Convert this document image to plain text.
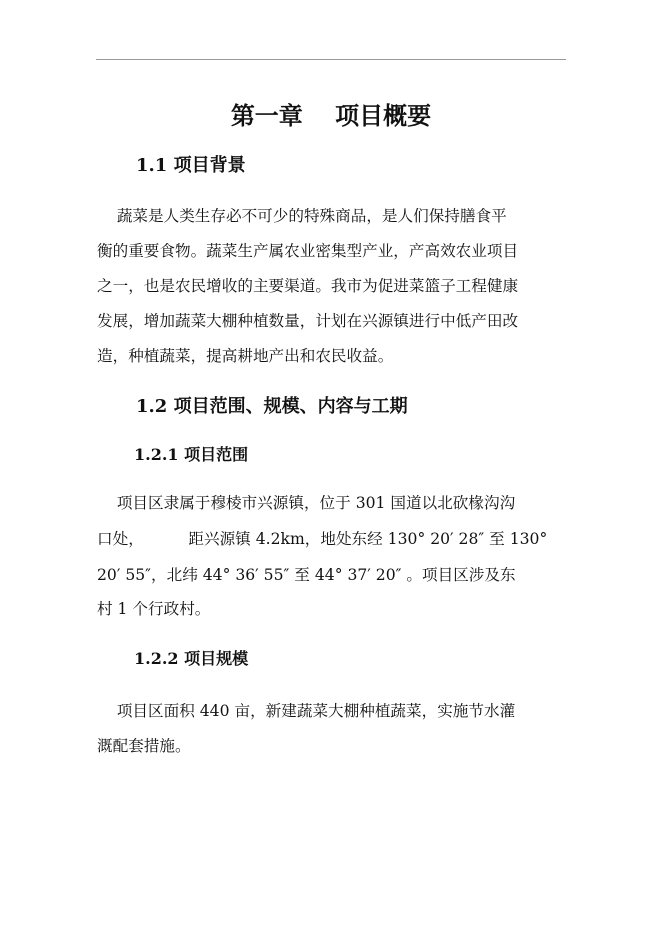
第一章　 项目概要
1.1 项目背景
蔬菜是人类生存必不可少的特殊商品，是人们保持膳食平
衡的重要食物。蔬菜生产属农业密集型产业，产高效农业项目
之一，也是农民增收的主要渠道。我市为促进菜篮子工程健康
发展，增加蔬菜大棚种植数量，计划在兴源镇进行中低产田改
造，种植蔬菜，提高耕地产出和农民收益。
1.2 项目范围、规模、内容与工期
1.2.1 项目范围
项目区隶属于穆棱市兴源镇，位于 301 国道以北砍椽沟沟
口处，         距兴源镇 4.2km，地处东经 130° 20′ 28″ 至 130°
20′ 55″，北纬 44° 36′ 55″ 至 44° 37′ 20″ 。项目区涉及东
村 1 个行政村。
1.2.2 项目规模
项目区面积 440 亩，新建蔬菜大棚种植蔬菜，实施节水灌
溉配套措施。
